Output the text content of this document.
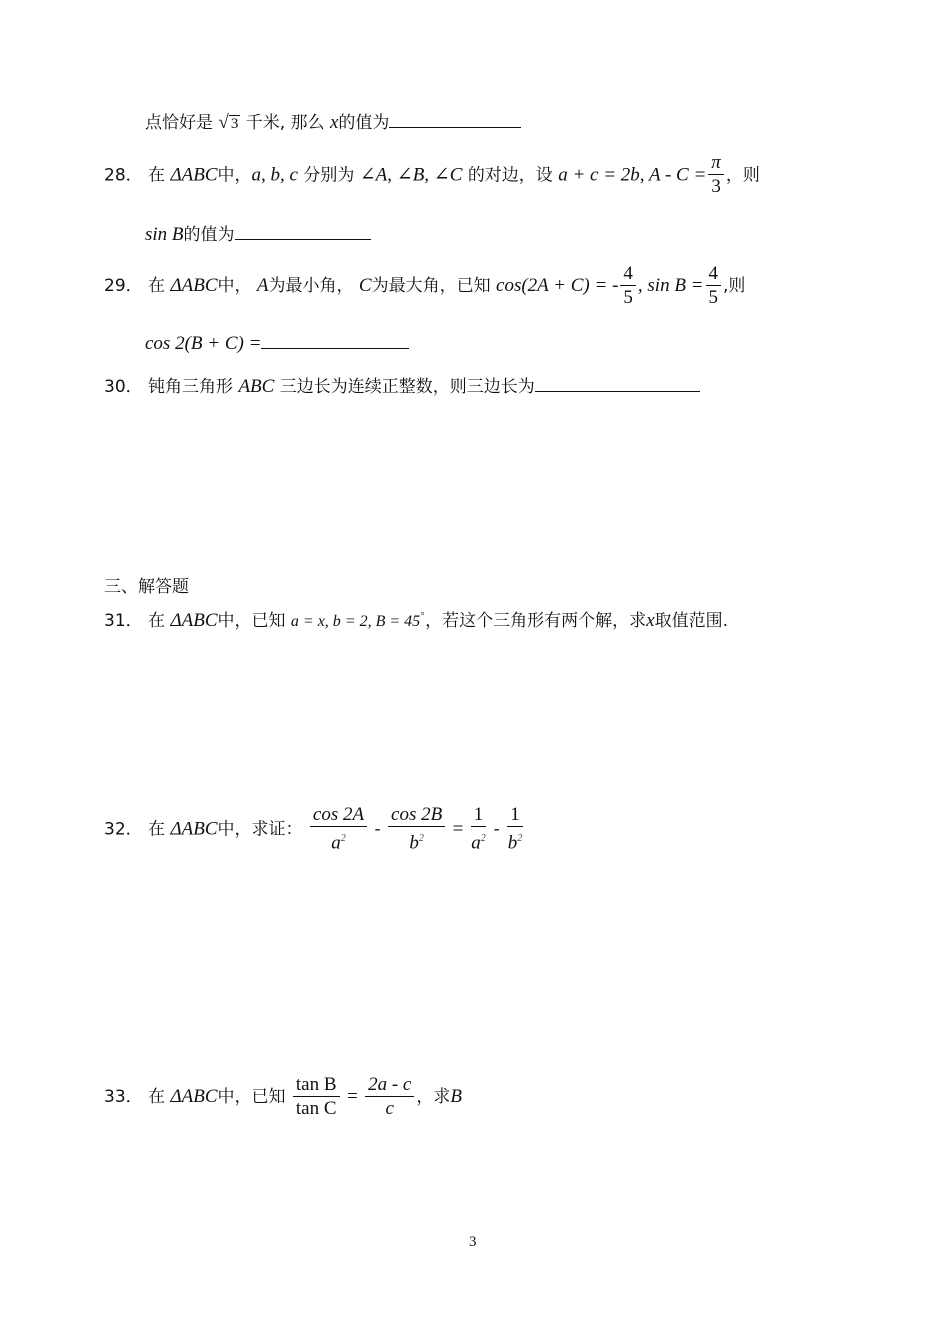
点恰好是 √ 3 千米, 那么 x的值为
28． 在 ΔABC中，a, b, c 分别为 ∠A, ∠B, ∠C 的对边，设 a + c = 2b, $A - C = \frac{\pi}{3}$ ，则
sin B的值为
29． 在 ΔABC中， A为最小角， C为最大角，已知 cos(2A + C) = - $\frac{4}{5}$ , $\sin B = \frac{4}{5}$ ,则
cos 2(B + C) =
30． 钝角三角形 ABC 三边长为连续正整数，则三边长为
三、解答题
31． 在 ΔABC中，已知 a = x, b = 2, B = 45°，若这个三角形有两个解，求x取值范围.
32． 在 ΔABC中，求证： $\frac{\cos 2A}{a^2} - \frac{\cos 2B}{b^2} = \frac{1}{a^2} - \frac{1}{b^2}$
33． 在 ΔABC中，已知 $\frac{\text{tan B}}{\text{tan C}} = \frac{2a - c}{c}$ ，求B
3
